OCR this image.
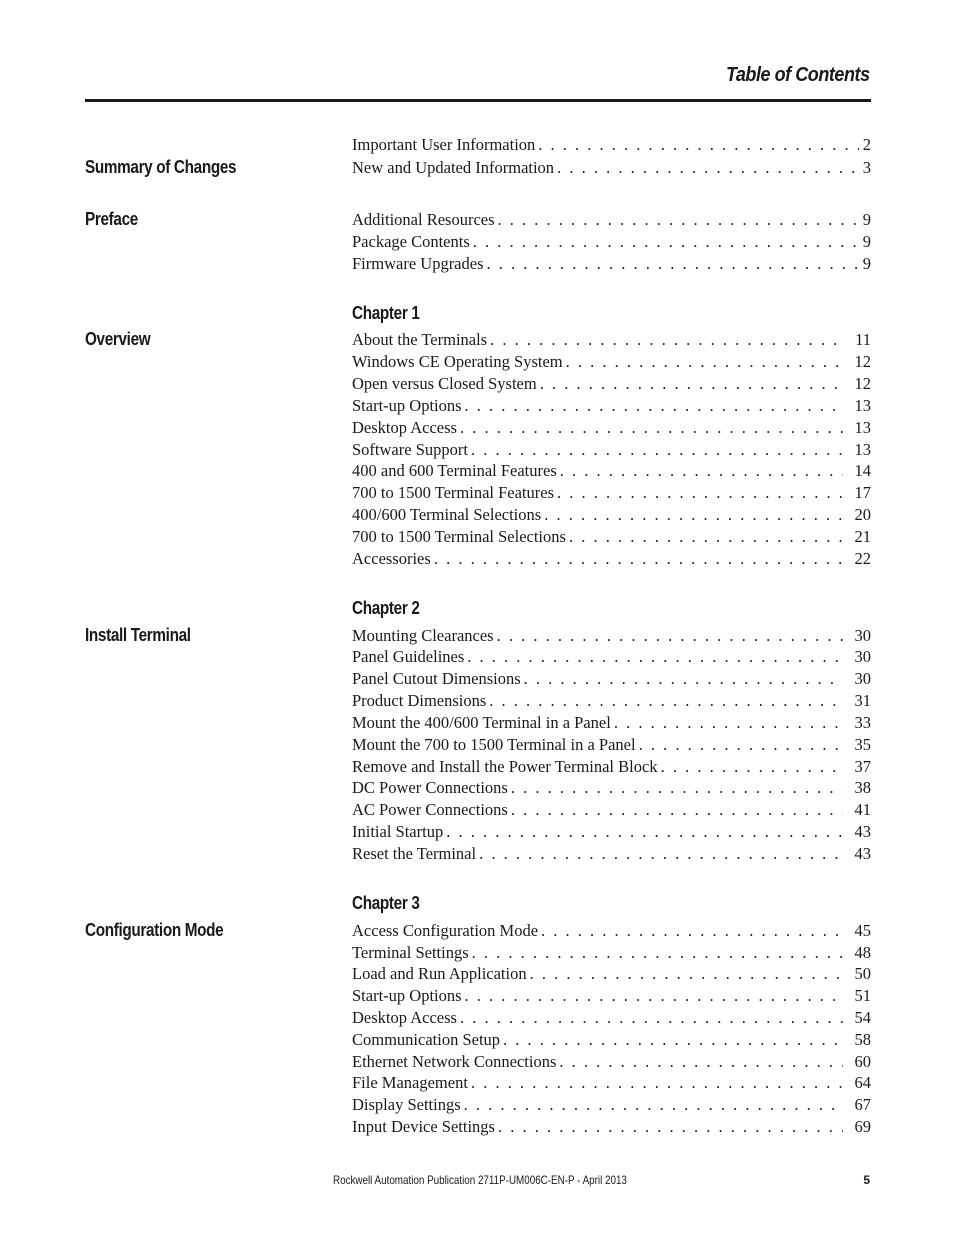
Table of Contents
Important User Information . . .	2
Summary of Changes	New and Updated Information . . .	3
Preface	Additional Resources . . .	9
Package Contents . . .	9
Firmware Upgrades . . .	9
Chapter 1
Overview	About the Terminals . . .	11
Windows CE Operating System . . .	12
Open versus Closed System . . .	12
Start-up Options . . .	13
Desktop Access . . .	13
Software Support . . .	13
400 and 600 Terminal Features . . .	14
700 to 1500 Terminal Features . . .	17
400/600 Terminal Selections . . .	20
700 to 1500 Terminal Selections . . .	21
Accessories . . .	22
Chapter 2
Install Terminal	Mounting Clearances . . .	30
Panel Guidelines . . .	30
Panel Cutout Dimensions . . .	30
Product Dimensions . . .	31
Mount the 400/600 Terminal in a Panel . . .	33
Mount the 700 to 1500 Terminal in a Panel . . .	35
Remove and Install the Power Terminal Block . . .	37
DC Power Connections . . .	38
AC Power Connections . . .	41
Initial Startup . . .	43
Reset the Terminal . . .	43
Chapter 3
Configuration Mode	Access Configuration Mode . . .	45
Terminal Settings . . .	48
Load and Run Application . . .	50
Start-up Options . . .	51
Desktop Access . . .	54
Communication Setup . . .	58
Ethernet Network Connections . . .	60
File Management . . .	64
Display Settings . . .	67
Input Device Settings . . .	69
Rockwell Automation Publication 2711P-UM006C-EN-P - April 2013	5
